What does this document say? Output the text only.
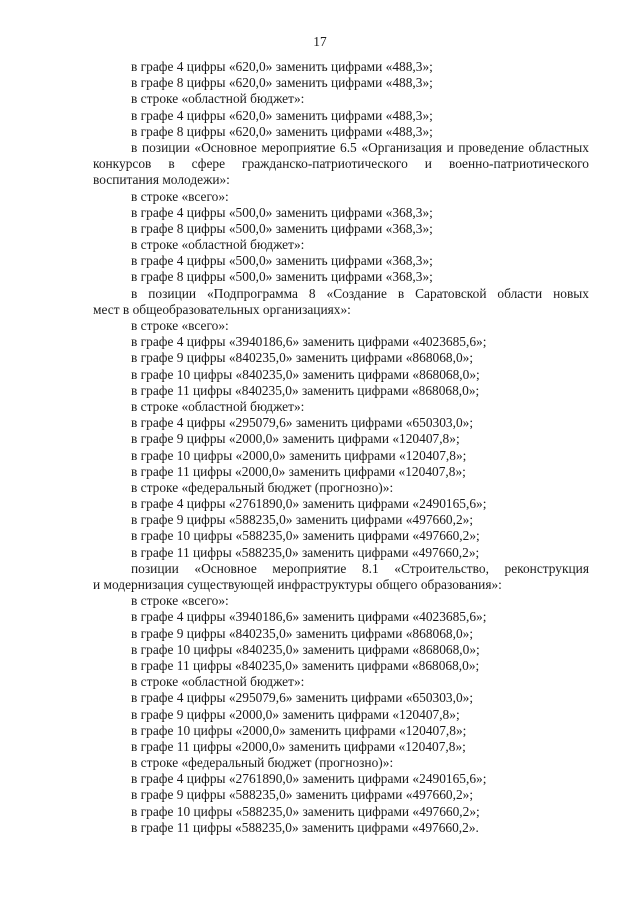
17
в графе 4 цифры «620,0» заменить цифрами «488,3»;
в графе 8 цифры «620,0» заменить цифрами «488,3»;
в строке «областной бюджет»:
в графе 4 цифры «620,0» заменить цифрами «488,3»;
в графе 8 цифры «620,0» заменить цифрами «488,3»;
в позиции «Основное мероприятие 6.5 «Организация и проведение областных
конкурсов в сфере гражданско-патриотического и военно-патриотического
воспитания молодежи»:
в строке «всего»:
в графе 4 цифры «500,0» заменить цифрами «368,3»;
в графе 8 цифры «500,0» заменить цифрами «368,3»;
в строке «областной бюджет»:
в графе 4 цифры «500,0» заменить цифрами «368,3»;
в графе 8 цифры «500,0» заменить цифрами «368,3»;
в позиции «Подпрограмма 8 «Создание в Саратовской области новых
мест в общеобразовательных организациях»:
в строке «всего»:
в графе 4 цифры «3940186,6» заменить цифрами «4023685,6»;
в графе 9 цифры «840235,0» заменить цифрами «868068,0»;
в графе 10 цифры «840235,0» заменить цифрами «868068,0»;
в графе 11 цифры «840235,0» заменить цифрами «868068,0»;
в строке «областной бюджет»:
в графе 4 цифры «295079,6» заменить цифрами «650303,0»;
в графе 9 цифры «2000,0» заменить цифрами «120407,8»;
в графе 10 цифры «2000,0» заменить цифрами «120407,8»;
в графе 11 цифры «2000,0» заменить цифрами «120407,8»;
в строке «федеральный бюджет (прогнозно)»:
в графе 4 цифры «2761890,0» заменить цифрами «2490165,6»;
в графе 9 цифры «588235,0» заменить цифрами «497660,2»;
в графе 10 цифры «588235,0» заменить цифрами «497660,2»;
в графе 11 цифры «588235,0» заменить цифрами «497660,2»;
позиции «Основное мероприятие 8.1 «Строительство, реконструкция
и модернизация существующей инфраструктуры общего образования»:
в строке «всего»:
в графе 4 цифры «3940186,6» заменить цифрами «4023685,6»;
в графе 9 цифры «840235,0» заменить цифрами «868068,0»;
в графе 10 цифры «840235,0» заменить цифрами «868068,0»;
в графе 11 цифры «840235,0» заменить цифрами «868068,0»;
в строке «областной бюджет»:
в графе 4 цифры «295079,6» заменить цифрами «650303,0»;
в графе 9 цифры «2000,0» заменить цифрами «120407,8»;
в графе 10 цифры «2000,0» заменить цифрами «120407,8»;
в графе 11 цифры «2000,0» заменить цифрами «120407,8»;
в строке «федеральный бюджет (прогнозно)»:
в графе 4 цифры «2761890,0» заменить цифрами «2490165,6»;
в графе 9 цифры «588235,0» заменить цифрами «497660,2»;
в графе 10 цифры «588235,0» заменить цифрами «497660,2»;
в графе 11 цифры «588235,0» заменить цифрами «497660,2».
